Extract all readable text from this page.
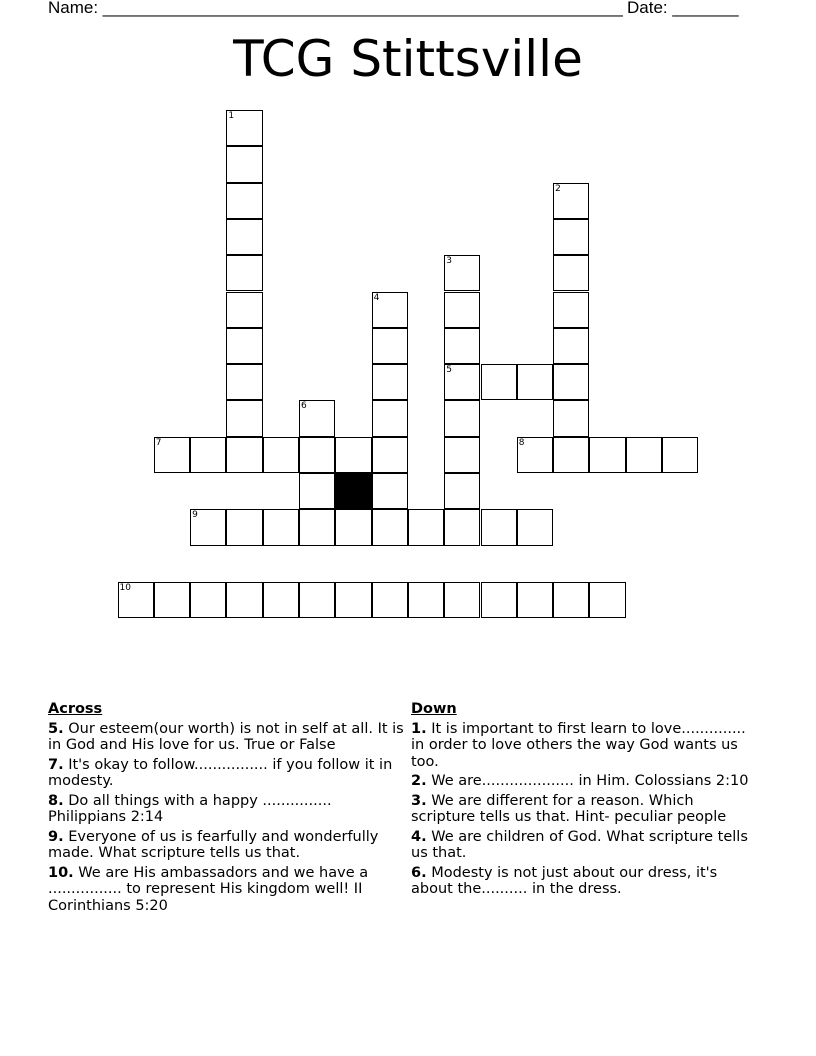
Name: _______________________________________________________ Date: _______
TCG Stittsville
1
2
3
5
4
6
7	8
9
10
Across
5. Our esteem(our worth) is not in self at all. It is in God and His love for us. True or False
7. It's okay to follow................ if you follow it in modesty.
8. Do all things with a happy ............... Philippians 2:14
9. Everyone of us is fearfully and wonderfully made. What scripture tells us that.
10. We are His ambassadors and we have a ................ to represent His kingdom well! II Corinthians 5:20
Down
1. It is important to first learn to love.............. in order to love others the way God wants us too.
2. We are.................... in Him. Colossians 2:10
3. We are different for a reason. Which scripture tells us that. Hint- peculiar people
4. We are children of God. What scripture tells us that.
6. Modesty is not just about our dress, it's about the.......... in the dress.
